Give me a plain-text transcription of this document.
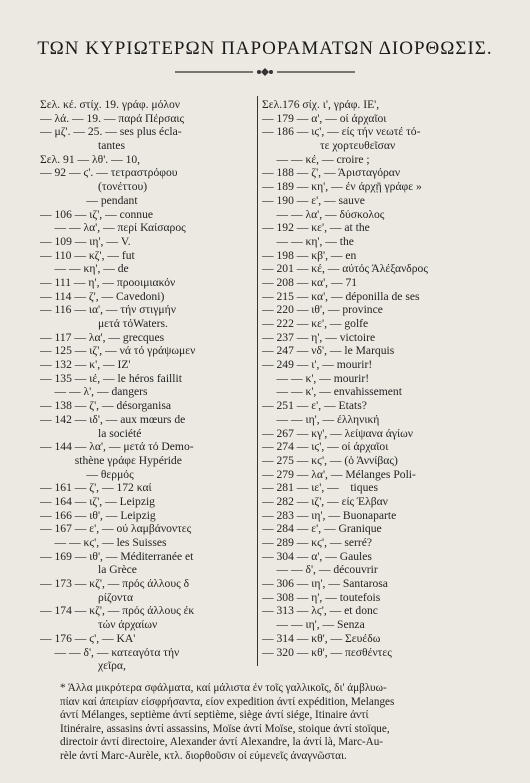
ΤΩΝ ΚΥΡΙΩΤΕΡΩΝ ΠΑΡΟΡΑΜΑΤΩΝ ΔΙΟΡΘΩΣΙΣ.
Σελ. κέ. στίχ. 19. γράφ. μόλον
— λά. — 19. — παρά Πέρσαις
— μζ'. — 25. — ses plus écla-
tantes
Σελ. 91 — λθ'. — 10,
— 92 — ϛ'. — τετραστρόφου
(τονέττου)
— pendant
— 106 — ιζ', — connue
— — λα', — περί Καίσαρος
— 109 — ιη', — V.
— 110 — κζ', — fut
— — κη', — de
— 111 — η', — προοιμιακόν
— 114 — ζ', — Cavedoni)
— 116 — ια', — τήν στιγμήν
μετά τόWaters.
— 117 — λα', — grecques
— 125 — ιζ', — νά τό γράψωμεν
— 132 — κ', — ΙΖ'
— 135 — ιέ, — le héros faillit
— — λ', — dangers
— 138 — ζ', — désorganisa
— 142 — ιδ', — aux mœurs de
la société
— 144 — λα', — μετά τό Demo-
sthène γράφε Hypéride
— θερμός
— 161 — ζ', — 172 καί
— 164 — ιζ', — Leipzig
— 166 — ιθ', — Leipzig
— 167 — ε', — ού λαμβάνοντες
— — κϛ', — les Suisses
— 169 — ιθ', — Méditerranée et
la Grèce
— 173 — κζ', — πρός άλλους δ
ρίζοντα
— 174 — κζ', — πρός άλλους έκ
τών άρχαίων
— 176 — ϛ', — ΚΑ'
— — δ', — κατεαγότα τήν
χεῖρα,
Σελ.176 σίχ. ι', γράφ. ΙΕ',
— 179 — α', — οί άρχαῖοι
— 186 — ιϛ', — είς τήν νεωτέ τό-
τε χορτευθεῖσαν
— — κέ, — croire ;
— 188 — ζ', — Άρισταγόραν
— 189 — κη', — έν άρχῇ γράφε »
— 190 — ε', — sauve
— — λα', — δύσκολος
— 192 — κε', — at the
— — κη', — the
— 198 — κβ', — en
— 201 — κέ, — αύτός Άλέξανδρος
— 208 — κα', — 71
— 215 — κα', — déponilla de ses
— 220 — ιθ', — province
— 222 — κε', — golfe
— 237 — η', — victoire
— 247 — νδ', — le Marquis
— 249 — ι', — mourir!
— — κ', — mourir!
— — κ', — envahissement
— 251 — ε', — Etats?
— — ιη', — έλληνική
— 267 — κγ', — λείψανα άγίων
— 274 — ιϛ', — οί άρχαῖοι
— 275 — κϛ', — (ὁ Άννίβας)
— 279 — λα', — Mélanges Poli-
— 281 — ιε', —    tiques
— 282 — ιζ', — είς Έλβαν
— 283 — ιη', — Buonaparte
— 284 — ε', — Granique
— 289 — κϛ', — serré?
— 304 — α', — Gaules
— — δ', — découvrir
— 306 — ιη', — Santarosa
— 308 — η', — toutefois
— 313 — λϛ', — et donc
— — ιη', — Senza
— 314 — κθ', — Σευέδω
— 320 — κθ', — πεσθέντες
* Άλλα μικρότερα σφάλματα, καί μάλιστα έν τοῖς γαλλικοῖς, δι' άμβλυω-
πίαν καί άπειρίαν είσφρήσαντα, είον expedition άντί expédition, Melanges
άντί Mélanges, septième άντί septième, siège άντί siége, Itinaire άντί
Itinéraire, assasins άντί assassins, Moïse άντί Moïse, stoique άντί stoïque,
directoir άντί directoire, Alexander άντί Alexandre, la άντί là, Marc-Au-
rèle άντί Marc-Aurèle, κτλ. διορθοῦσιν οί εύμενεῖς άναγνῶσται.
